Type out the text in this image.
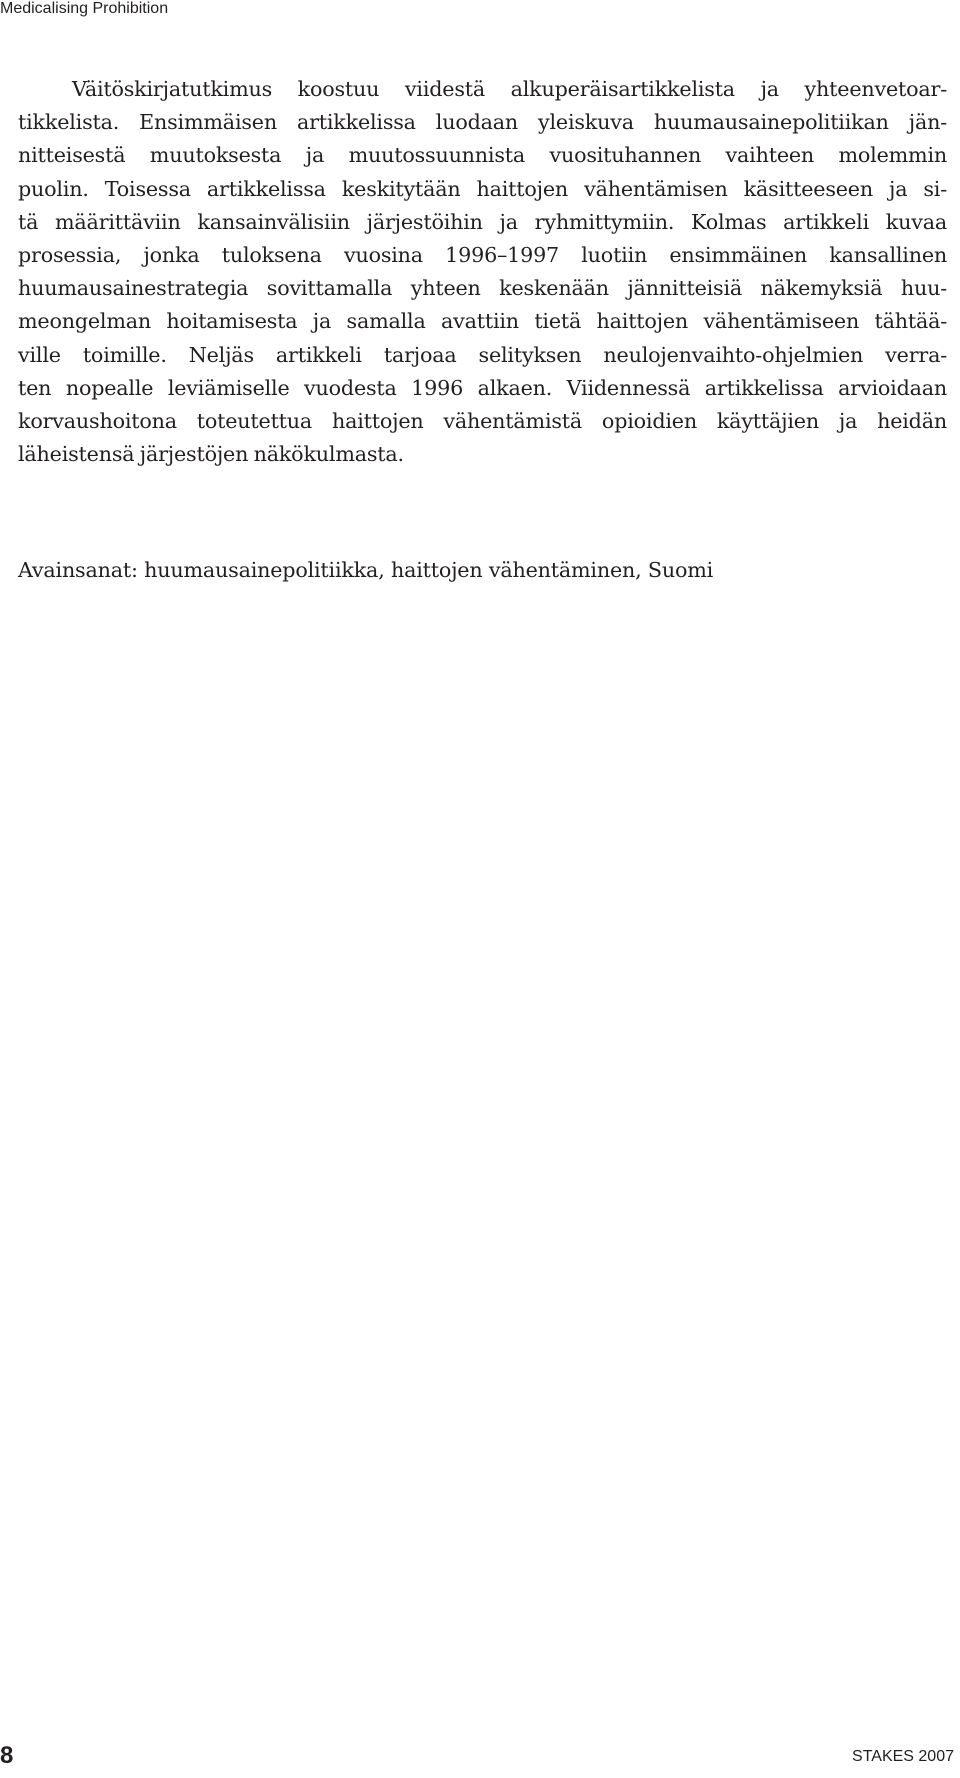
Medicalising Prohibition
Väitöskirjatutkimus koostuu viidestä alkuperäisartikkelista ja yhteenvetoar-
tikkelista. Ensimmäisen artikkelissa luodaan yleiskuva huumausainepolitiikan jän-
nitteisestä muutoksesta ja muutossuunnista vuosituhannen vaihteen molemmin
puolin. Toisessa artikkelissa keskitytään haittojen vähentämisen käsitteeseen ja si-
tä määrittäviin kansainvälisiin järjestöihin ja ryhmittymiin. Kolmas artikkeli kuvaa
prosessia, jonka tuloksena vuosina 1996–1997 luotiin ensimmäinen kansallinen
huumausainestrategia sovittamalla yhteen keskenään jännitteisiä näkemyksiä huu-
meongelman hoitamisesta ja samalla avattiin tietä haittojen vähentämiseen tähtää-
ville toimille. Neljäs artikkeli tarjoaa selityksen neulojenvaihto-ohjelmien verra-
ten nopealle leviämiselle vuodesta 1996 alkaen. Viidennessä artikkelissa arvioidaan
korvaushoitona toteutettua haittojen vähentämistä opioidien käyttäjien ja heidän
läheistensä järjestöjen näkökulmasta.
Avainsanat: huumausainepolitiikka, haittojen vähentäminen, Suomi
8	STAKES 2007
